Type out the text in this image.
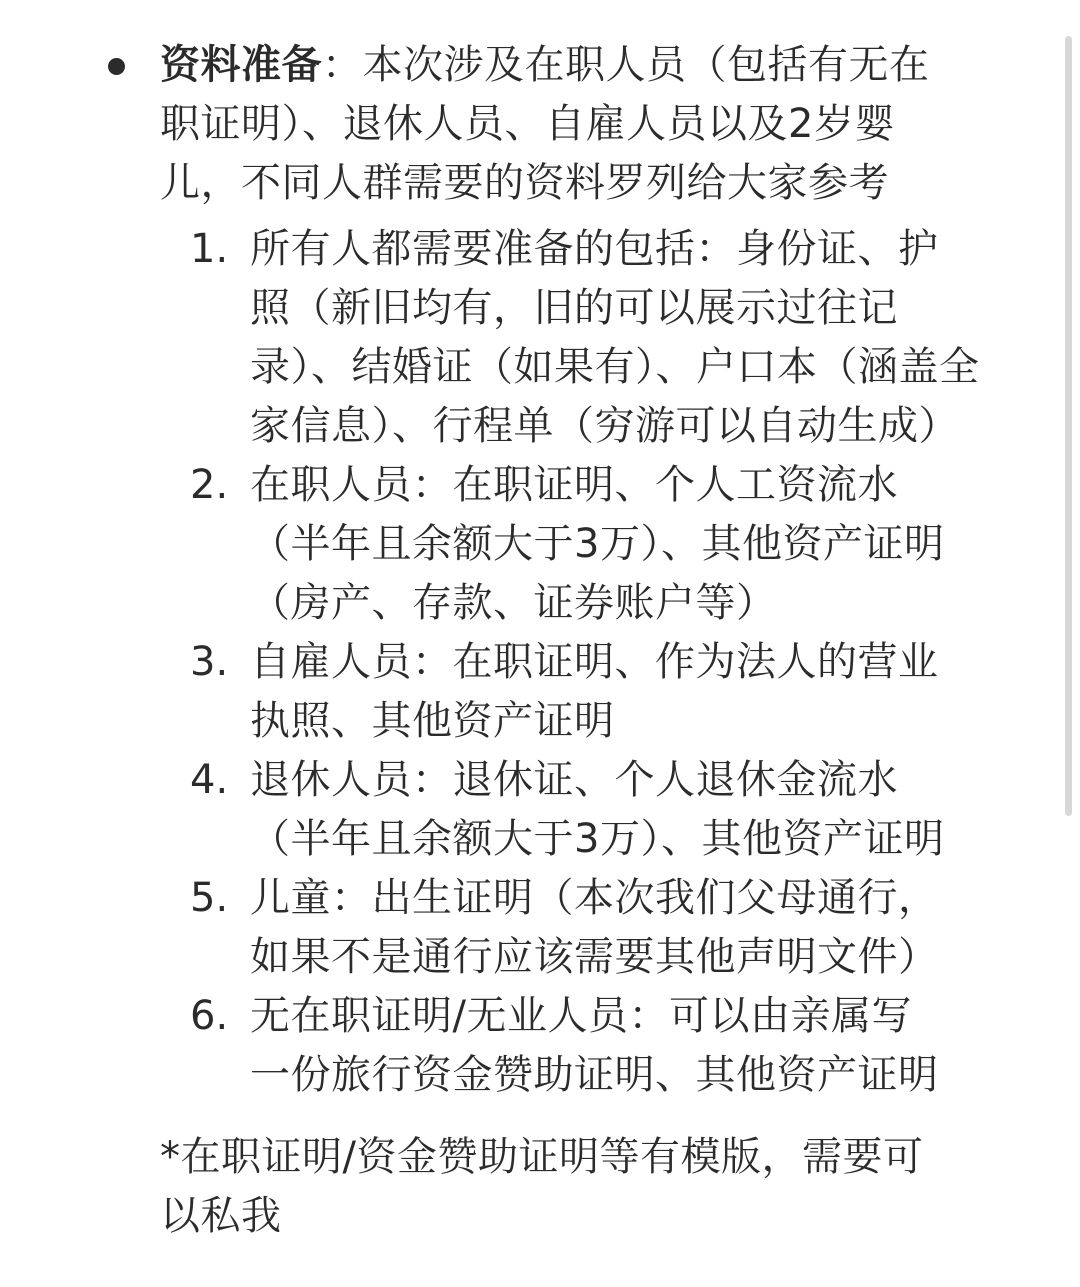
资料准备：本次涉及在职人员（包括有无在
职证明）、退休人员、自雇人员以及2岁婴
儿，不同人群需要的资料罗列给大家参考
1. 所有人都需要准备的包括：身份证、护
照（新旧均有，旧的可以展示过往记
录）、结婚证（如果有）、户口本（涵盖全
家信息）、行程单（穷游可以自动生成）
2. 在职人员：在职证明、个人工资流水
（半年且余额大于3万）、其他资产证明
（房产、存款、证券账户等）
3. 自雇人员：在职证明、作为法人的营业
执照、其他资产证明
4. 退休人员：退休证、个人退休金流水
（半年且余额大于3万）、其他资产证明
5. 儿童：出生证明（本次我们父母通行，
如果不是通行应该需要其他声明文件）
6. 无在职证明/无业人员：可以由亲属写
一份旅行资金赞助证明、其他资产证明
*在职证明/资金赞助证明等有模版，需要可
以私我
